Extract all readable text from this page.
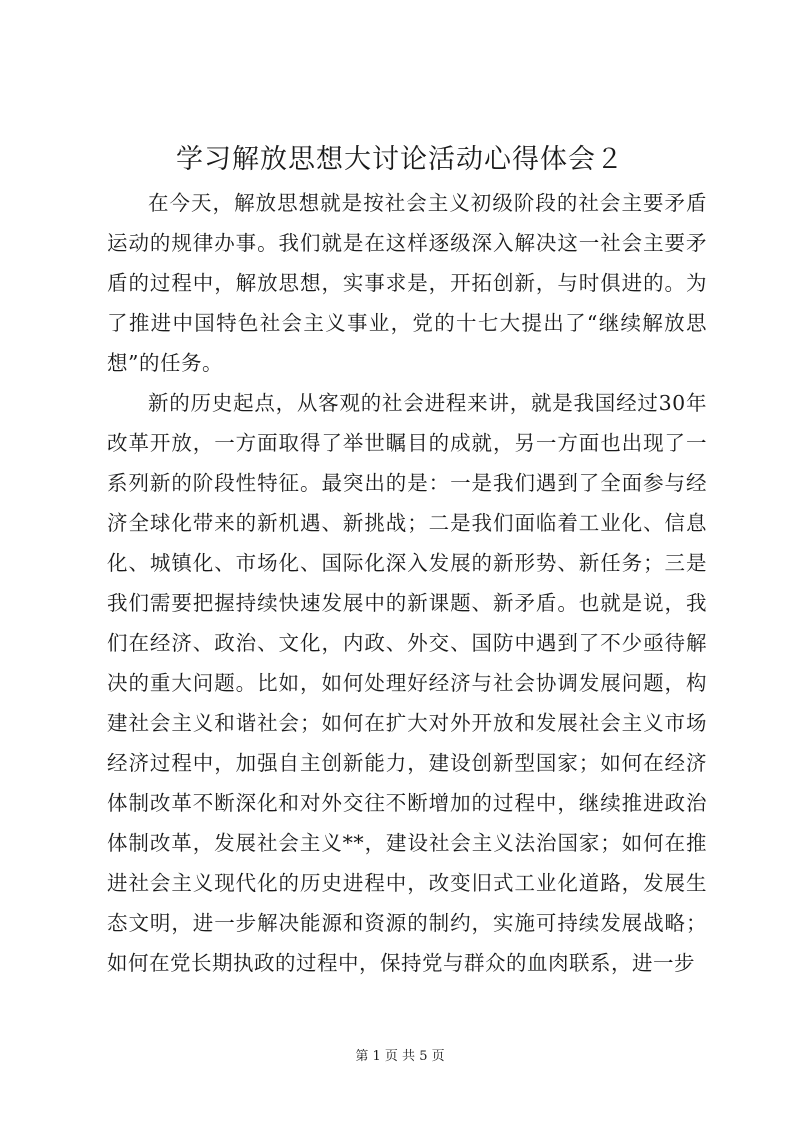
学习解放思想大讨论活动心得体会２

在今天，解放思想就是按社会主义初级阶段的社会主要矛盾运动的规律办事。我们就是在这样逐级深入解决这一社会主要矛盾的过程中，解放思想，实事求是，开拓创新，与时俱进的。为了推进中国特色社会主义事业，党的十七大提出了“继续解放思想”的任务。

新的历史起点，从客观的社会进程来讲，就是我国经过30年改革开放，一方面取得了举世瞩目的成就，另一方面也出现了一系列新的阶段性特征。最突出的是：一是我们遇到了全面参与经济全球化带来的新机遇、新挑战；二是我们面临着工业化、信息化、城镇化、市场化、国际化深入发展的新形势、新任务；三是我们需要把握持续快速发展中的新课题、新矛盾。也就是说，我们在经济、政治、文化，内政、外交、国防中遇到了不少亟待解决的重大问题。比如，如何处理好经济与社会协调发展问题，构建社会主义和谐社会；如何在扩大对外开放和发展社会主义市场经济过程中，加强自主创新能力，建设创新型国家；如何在经济体制改革不断深化和对外交往不断增加的过程中，继续推进政治体制改革，发展社会主义**，建设社会主义法治国家；如何在推进社会主义现代化的历史进程中，改变旧式工业化道路，发展生态文明，进一步解决能源和资源的制约，实施可持续发展战略；如何在党长期执政的过程中，保持党与群众的血肉联系，进一步

第 1 页 共 5 页
